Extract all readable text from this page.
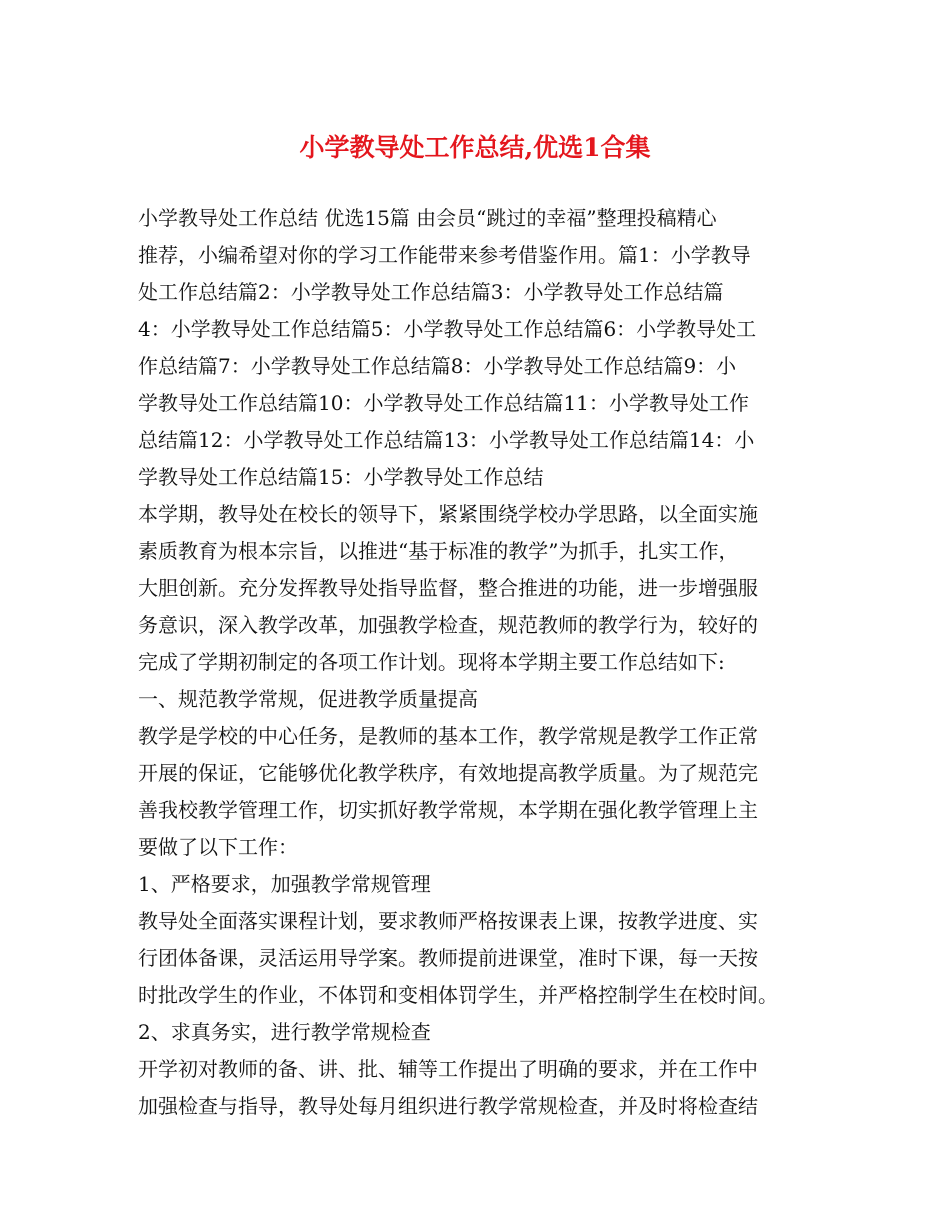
小学教导处工作总结,优选1合集
小学教导处工作总结 优选15篇 由会员“跳过的幸福”整理投稿精心
推荐，小编希望对你的学习工作能带来参考借鉴作用。篇1：小学教导
处工作总结篇2：小学教导处工作总结篇3：小学教导处工作总结篇
4：小学教导处工作总结篇5：小学教导处工作总结篇6：小学教导处工
作总结篇7：小学教导处工作总结篇8：小学教导处工作总结篇9：小
学教导处工作总结篇10：小学教导处工作总结篇11：小学教导处工作
总结篇12：小学教导处工作总结篇13：小学教导处工作总结篇14：小
学教导处工作总结篇15：小学教导处工作总结
本学期，教导处在校长的领导下，紧紧围绕学校办学思路，以全面实施
素质教育为根本宗旨，以推进“基于标准的教学”为抓手，扎实工作，
大胆创新。充分发挥教导处指导监督，整合推进的功能，进一步增强服
务意识，深入教学改革，加强教学检查，规范教师的教学行为，较好的
完成了学期初制定的各项工作计划。现将本学期主要工作总结如下:
一、规范教学常规，促进教学质量提高
教学是学校的中心任务，是教师的基本工作，教学常规是教学工作正常
开展的保证，它能够优化教学秩序，有效地提高教学质量。为了规范完
善我校教学管理工作，切实抓好教学常规，本学期在强化教学管理上主
要做了以下工作：
1、严格要求，加强教学常规管理
教导处全面落实课程计划，要求教师严格按课表上课，按教学进度、实
行团体备课，灵活运用导学案。教师提前进课堂，准时下课，每一天按
时批改学生的作业，不体罚和变相体罚学生，并严格控制学生在校时间。
2、求真务实，进行教学常规检查
开学初对教师的备、讲、批、辅等工作提出了明确的要求，并在工作中
加强检查与指导，教导处每月组织进行教学常规检查，并及时将检查结
